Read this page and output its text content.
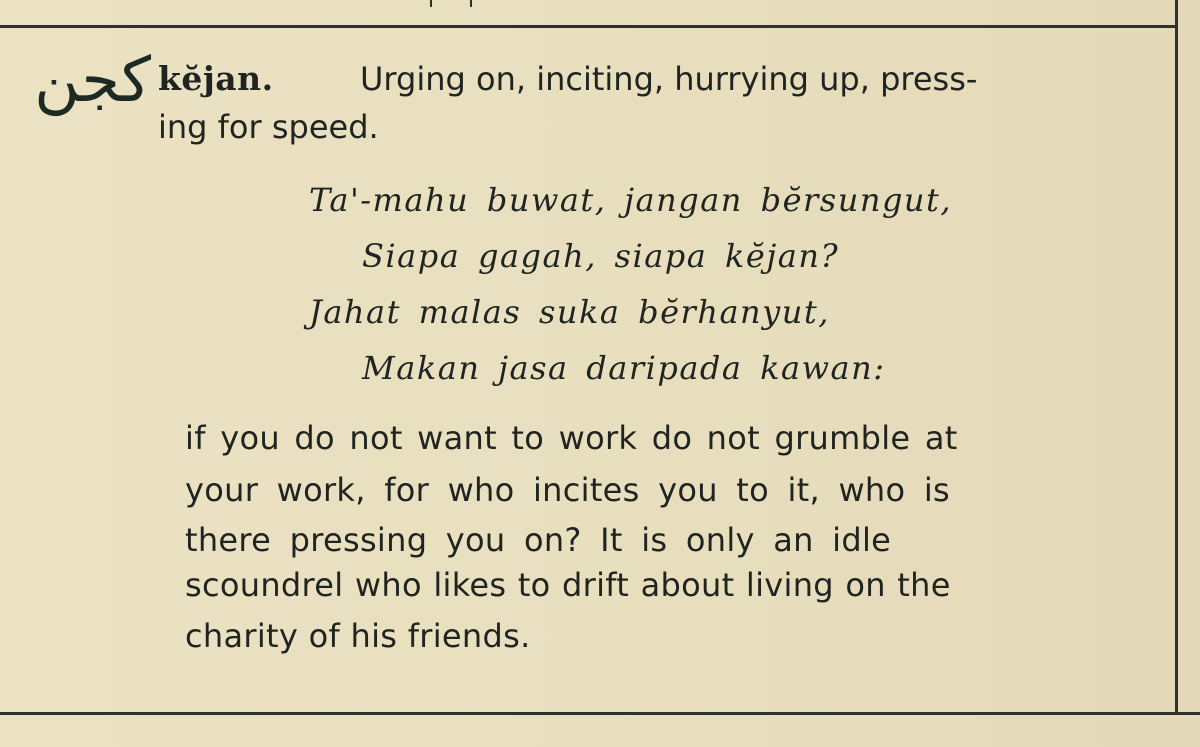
كجن kĕjan.	Urging on, inciting, hurrying up, press-
ing for speed.
Ta'-mahu buwat, jangan bĕrsungut,
Siapa gagah, siapa kĕjan?
Jahat malas suka bĕrhanyut,
Makan jasa daripada kawan:
if you do not want to work do not grumble at
your work, for who incites you to it, who is
there pressing you on? It is only an idle
scoundrel who likes to drift about living on the
charity of his friends.
